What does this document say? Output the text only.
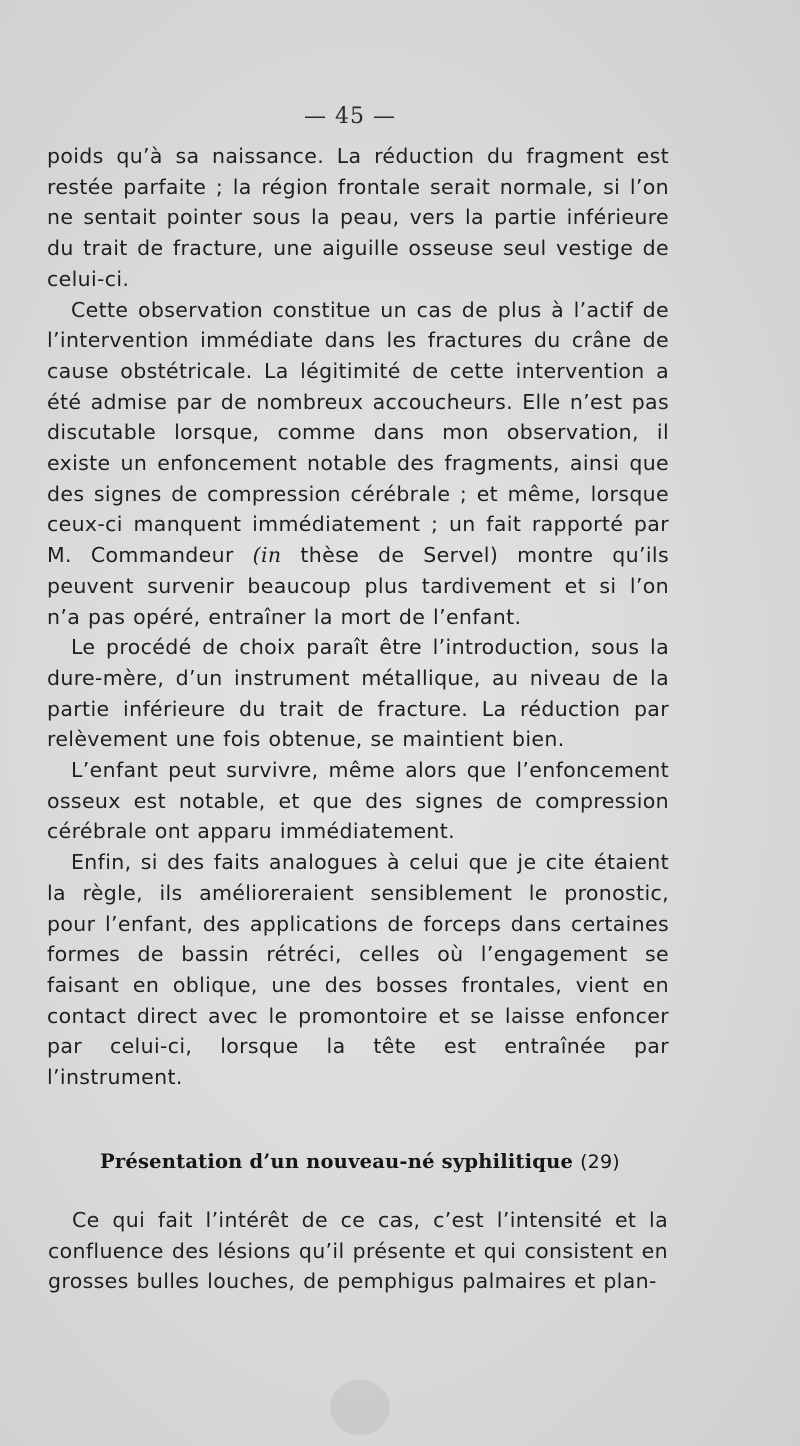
— 45 —

poids qu’à sa naissance. La réduction du fragment est restée parfaite ; la région frontale serait normale, si l’on ne sentait pointer sous la peau, vers la partie inférieure du trait de fracture, une aiguille osseuse seul vestige de celui-ci.

Cette observation constitue un cas de plus à l’actif de l’intervention immédiate dans les fractures du crâne de cause obstétricale. La légitimité de cette intervention a été admise par de nombreux accoucheurs. Elle n’est pas discutable lorsque, comme dans mon observation, il existe un enfoncement notable des fragments, ainsi que des signes de compression cérébrale ; et même, lorsque ceux-ci manquent immédiatement ; un fait rapporté par M. Commandeur (in thèse de Servel) montre qu’ils peuvent survenir beaucoup plus tardivement et si l’on n’a pas opéré, entraîner la mort de l’enfant.

Le procédé de choix paraît être l’introduction, sous la dure-mère, d’un instrument métallique, au niveau de la partie inférieure du trait de fracture. La réduction par relèvement une fois obtenue, se maintient bien.

L’enfant peut survivre, même alors que l’enfoncement osseux est notable, et que des signes de compression cérébrale ont apparu immédiatement.

Enfin, si des faits analogues à celui que je cite étaient la règle, ils amélioreraient sensiblement le pronostic, pour l’enfant, des applications de forceps dans certaines formes de bassin rétréci, celles où l’engagement se faisant en oblique, une des bosses frontales, vient en contact direct avec le promontoire et se laisse enfoncer par celui-ci, lorsque la tête est entraînée par l’instrument.

Présentation d’un nouveau-né syphilitique (29)

Ce qui fait l’intérêt de ce cas, c’est l’intensité et la confluence des lésions qu’il présente et qui consistent en grosses bulles louches, de pemphigus palmaires et plan-
